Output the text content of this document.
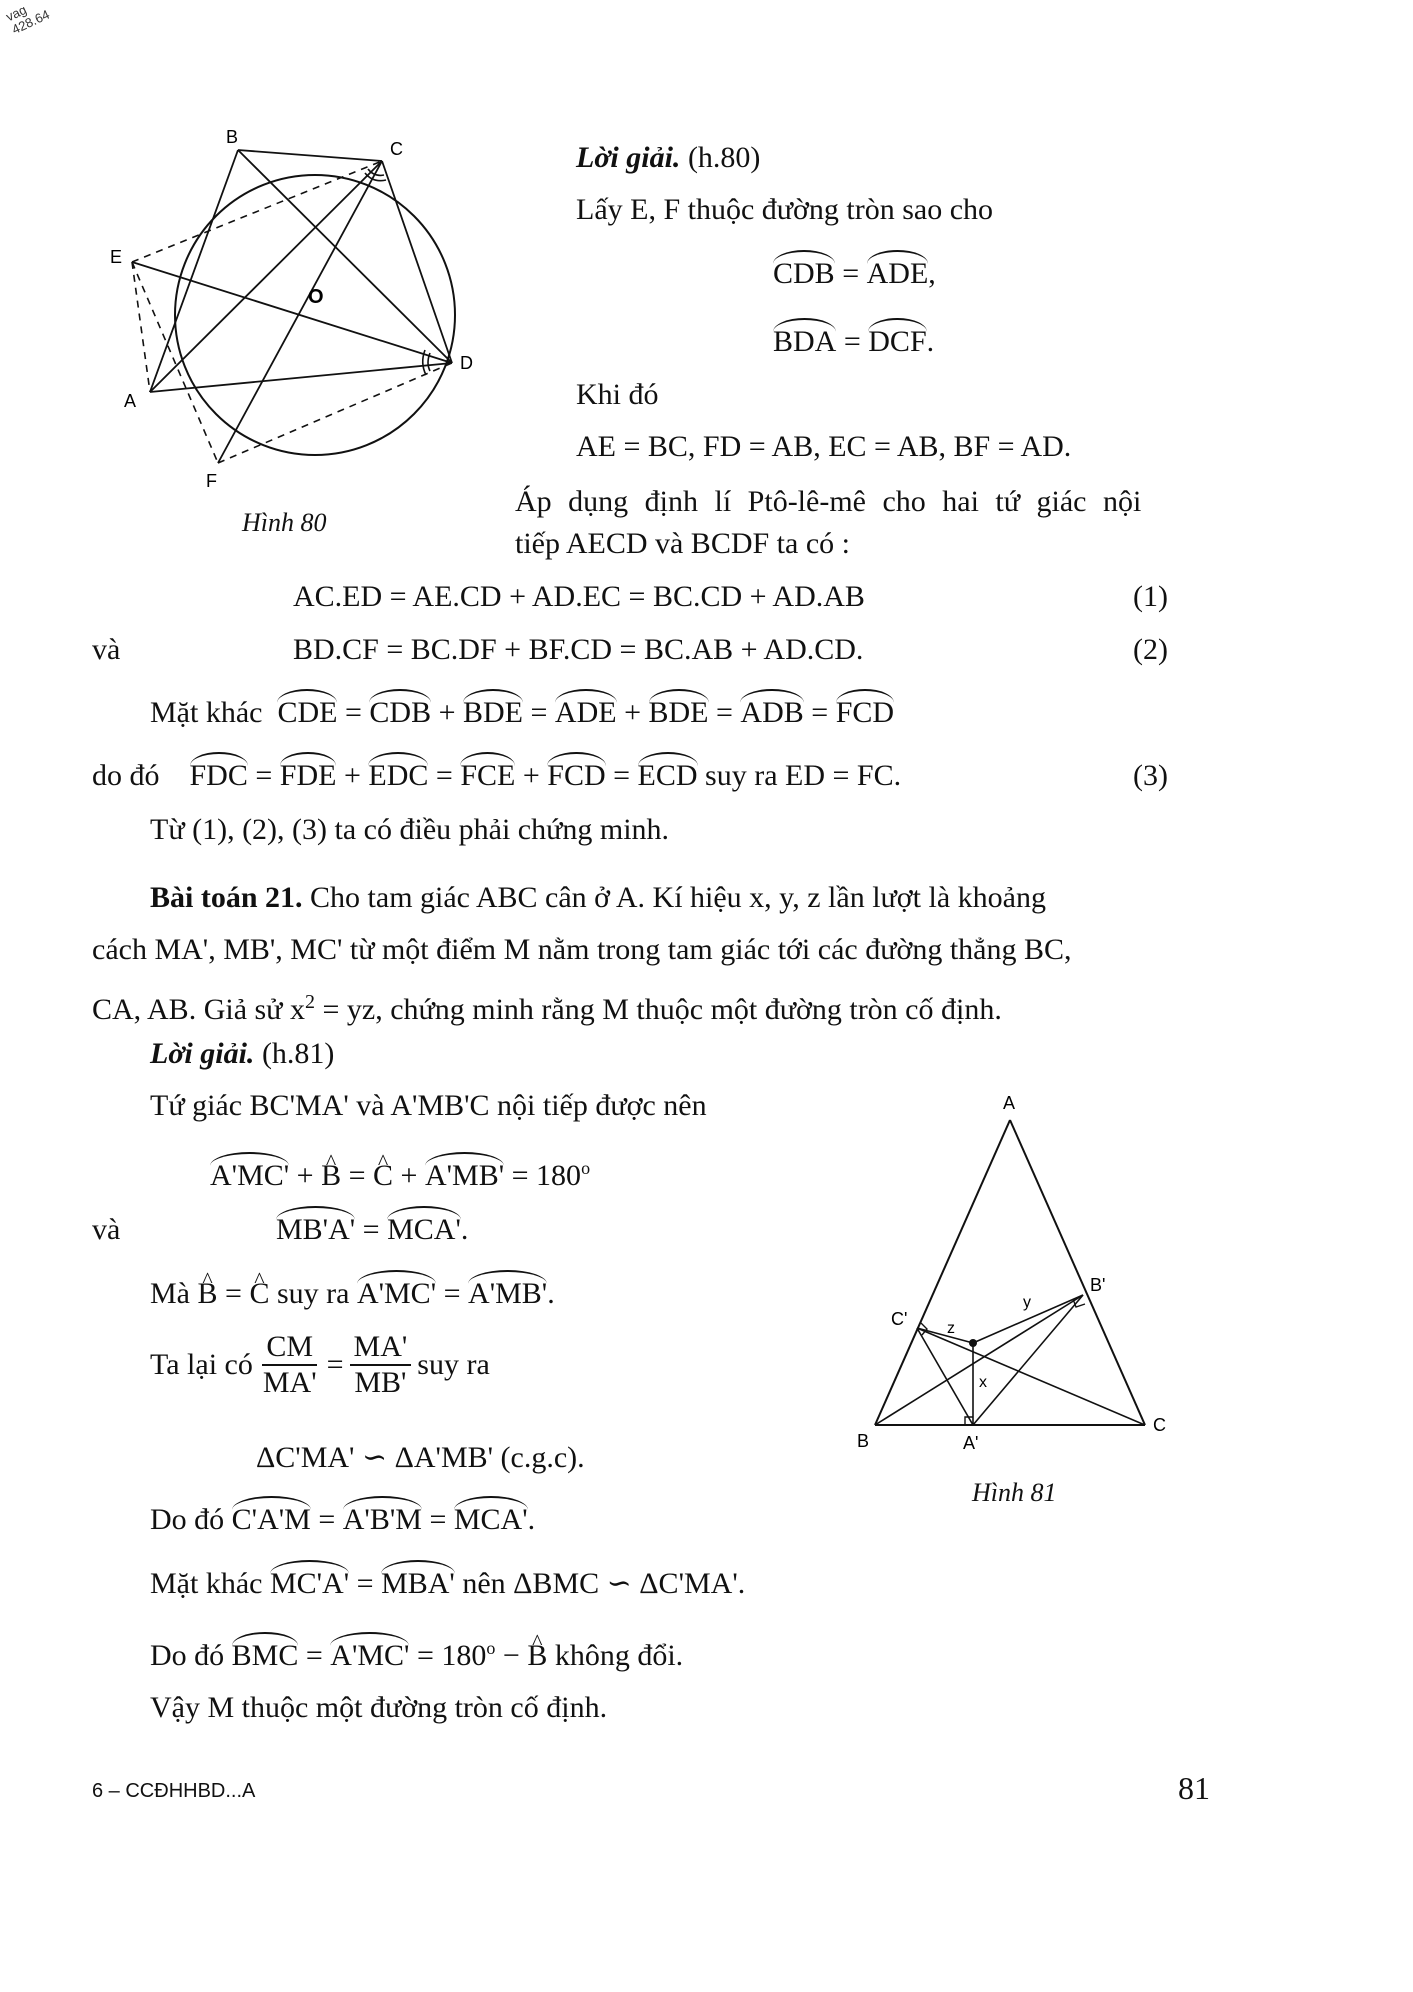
vag
428.64
B
C
E
O
A
D
F
Hình 80
Lời giải. (h.80)
Lấy E, F thuộc đường tròn sao cho
CDB = ADE,
BDA = DCF.
Khi đó
AE = BC, FD = AB, EC = AB, BF = AD.
Áp dụng định lí Ptô-lê-mê cho hai tứ giác nội
tiếp AECD và BCDF ta có :
AC.ED = AE.CD + AD.EC = BC.CD + AD.AB	(1)
và	BD.CF = BC.DF + BF.CD = BC.AB + AD.CD.	(2)
Mặt khác CDE = CDB + BDE = ADE + BDE = ADB = FCD
do đó FDC = FDE + EDC = FCE + FCD = ECD suy ra ED = FC.	(3)
Từ (1), (2), (3) ta có điều phải chứng minh.
Bài toán 21. Cho tam giác ABC cân ở A. Kí hiệu x, y, z lần lượt là khoảng
cách MA', MB', MC' từ một điểm M nằm trong tam giác tới các đường thẳng BC,
CA, AB. Giả sử $x^2$ = yz, chứng minh rằng M thuộc một đường tròn cố định.
Lời giải. (h.81)
Tứ giác BC'MA' và A'MB'C nội tiếp được nên
A'MC' + ^ B = ^ $C + A'MB' = 180^o$
và	MB'A' = MCA'.
Mà ^ B = ^ C suy ra A'MC' = A'MB'.
Ta lại có $\frac{CM}{MA'} = \frac{MA'}{MB'}$ suy ra
ΔC'MA' ∽ ΔA'MB' (c.g.c).
Do đó C'A'M = A'B'M = MCA'.
Mặt khác MC'A' = MBA' nên ΔBMC ∽ ΔC'MA'.
Do đó BMC = $A'MC' = 180^o$ − ^ B không đổi.
Vậy M thuộc một đường tròn cố định.
A
B'
C' z
y
x
B	A'
C
Hình 81
6 – CCĐHHBD...A	81
